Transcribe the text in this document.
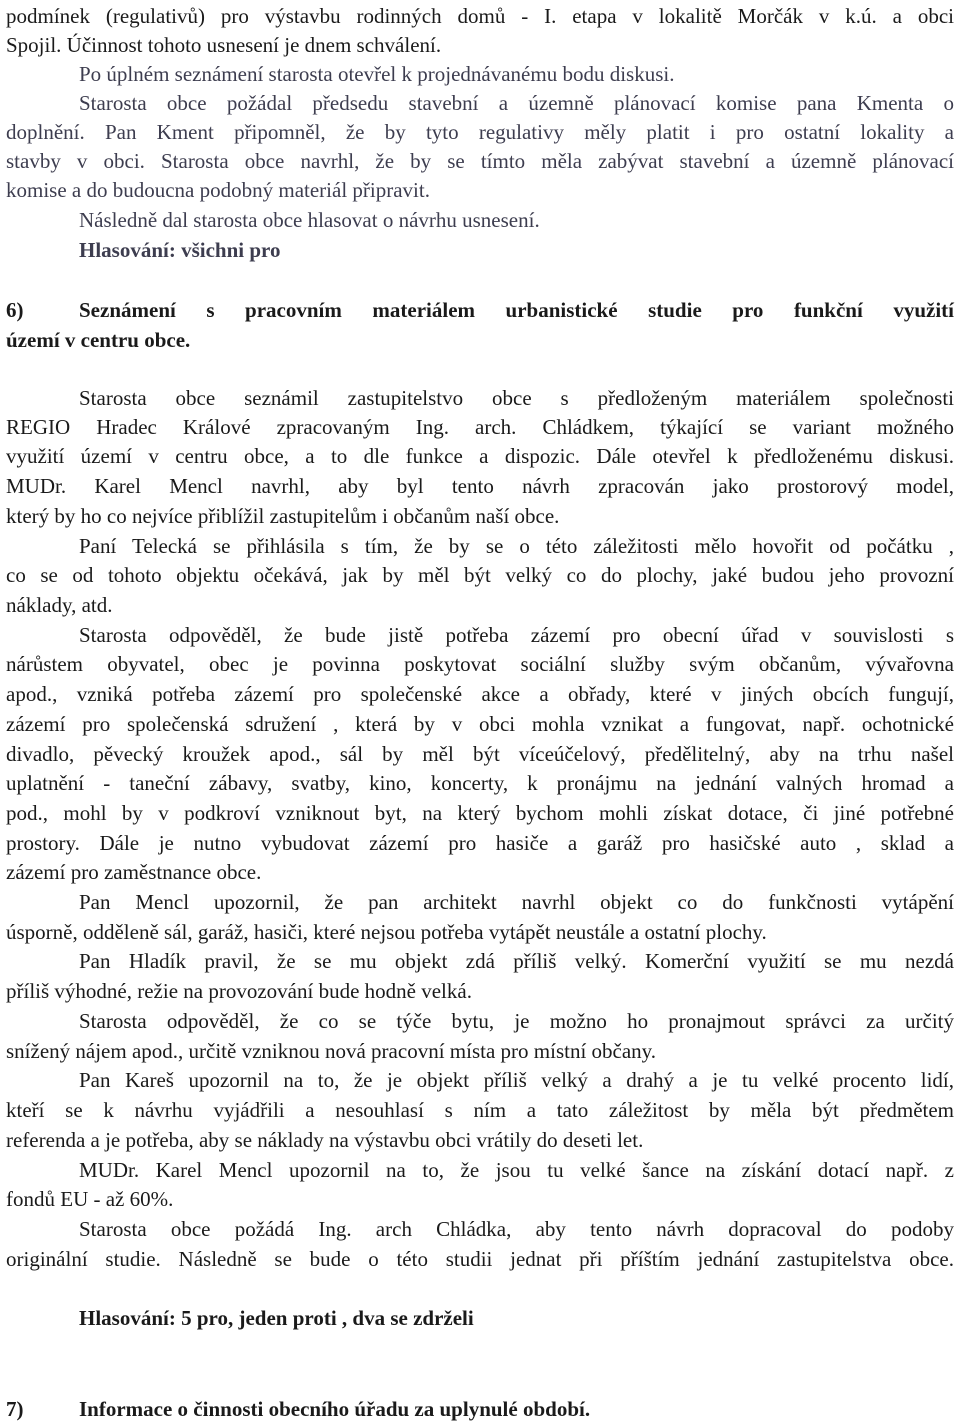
podmínek (regulativů) pro výstavbu rodinných domů - I. etapa v lokalitě Morčák v k.ú. a obci
Spojil. Účinnost tohoto usnesení je dnem schválení.
Po úplném seznámení starosta otevřel k projednávanému bodu diskusi.
Starosta obce požádal předsedu stavební a územně plánovací komise pana Kmenta o
doplnění. Pan Kment připomněl, že by tyto regulativy měly platit i pro ostatní lokality a
stavby v obci. Starosta obce navrhl, že by se tímto měla zabývat stavební a územně plánovací
komise a do budoucna podobný materiál připravit.
Následně dal starosta obce hlasovat o návrhu usnesení.
Hlasování: všichni pro
6)	Seznámení s pracovním materiálem urbanistické studie pro funkční využití
území v centru obce.
Starosta obce seznámil zastupitelstvo obce s předloženým materiálem společnosti
REGIO Hradec Králové zpracovaným Ing. arch. Chládkem, týkající se variant možného
využití území v centru obce, a to dle funkce a dispozic. Dále otevřel k předloženému diskusi.
MUDr. Karel Mencl navrhl, aby byl tento návrh zpracován jako prostorový model,
který by ho co nejvíce přiblížil zastupitelům i občanům naší obce.
Paní Telecká se přihlásila s tím, že by se o této záležitosti mělo hovořit od počátku ,
co se od tohoto objektu očekává, jak by měl být velký co do plochy, jaké budou jeho provozní
náklady, atd.
Starosta odpověděl, že bude jistě potřeba zázemí pro obecní úřad v souvislosti s
nárůstem obyvatel, obec je povinna poskytovat sociální služby svým občanům, vývařovna
apod., vzniká potřeba zázemí pro společenské akce a obřady, které v jiných obcích fungují,
zázemí pro společenská sdružení , která by v obci mohla vznikat a fungovat, např. ochotnické
divadlo, pěvecký kroužek apod., sál by měl být víceúčelový, předělitelný, aby na trhu našel
uplatnění - taneční zábavy, svatby, kino, koncerty, k pronájmu na jednání valných hromad a
pod., mohl by v podkroví vzniknout byt, na který bychom mohli získat dotace, či jiné potřebné
prostory. Dále je nutno vybudovat zázemí pro hasiče a garáž pro hasičské auto , sklad a
zázemí pro zaměstnance obce.
Pan Mencl upozornil, že pan architekt navrhl objekt co do funkčnosti vytápění
úsporně, odděleně sál, garáž, hasiči, které nejsou potřeba vytápět neustále a ostatní plochy.
Pan Hladík pravil, že se mu objekt zdá příliš velký. Komerční využití se mu nezdá
příliš výhodné, režie na provozování bude hodně velká.
Starosta odpověděl, že co se týče bytu, je možno ho pronajmout správci za určitý
snížený nájem apod., určitě vzniknou nová pracovní místa pro místní občany.
Pan Kareš upozornil na to, že je objekt příliš velký a drahý a je tu velké procento lidí,
kteří se k návrhu vyjádřili a nesouhlasí s ním a tato záležitost by měla být předmětem
referenda a je potřeba, aby se náklady na výstavbu obci vrátily do deseti let.
MUDr. Karel Mencl upozornil na to, že jsou tu velké šance na získání dotací např. z
fondů EU - až 60%.
Starosta obce požádá Ing. arch Chládka, aby tento návrh dopracoval do podoby
originální studie. Následně se bude o této studii jednat při příštím jednání zastupitelstva obce.
Hlasování: 5 pro, jeden proti , dva se zdrželi
7)	Informace o činnosti obecního úřadu za uplynulé období.
